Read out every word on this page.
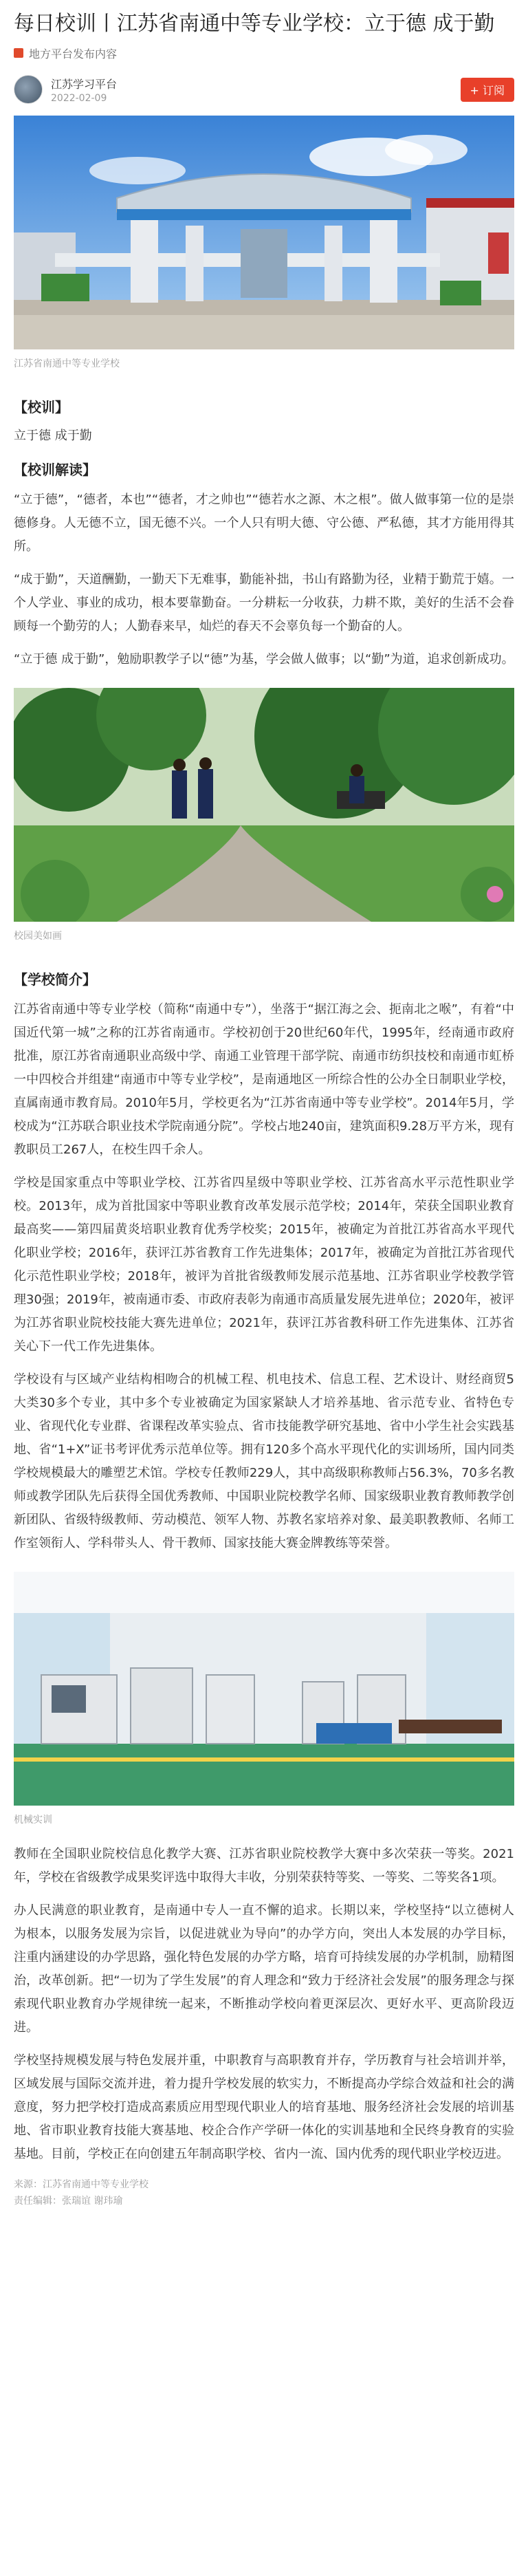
每日校训丨江苏省南通中等专业学校：立于德 成于勤
地方平台发布内容
江苏学习平台
2022-02-09
+ 订阅

江苏省南通中等专业学校

【校训】

立于德 成于勤

【校训解读】

“立于德”，“德者，本也”“德者，才之帅也”“德若水之源、木之根”。做人做事第一位的是崇德修身。人无德不立，国无德不兴。一个人只有明大德、守公德、严私德，其才方能用得其所。

“成于勤”，天道酬勤，一勤天下无难事，勤能补拙，书山有路勤为径，业精于勤荒于嬉。一个人学业、事业的成功，根本要靠勤奋。一分耕耘一分收获，力耕不欺，美好的生活不会眷顾每一个勤劳的人；人勤春来早，灿烂的春天不会辜负每一个勤奋的人。

“立于德 成于勤”，勉励职教学子以“德”为基，学会做人做事；以“勤”为道，追求创新成功。

校园美如画

【学校简介】

江苏省南通中等专业学校（简称“南通中专”），坐落于“据江海之会、扼南北之喉”，有着“中国近代第一城”之称的江苏省南通市。学校初创于20世纪60年代，1995年，经南通市政府批准，原江苏省南通职业高级中学、南通工业管理干部学院、南通市纺织技校和南通市虹桥一中四校合并组建“南通市中等专业学校”，是南通地区一所综合性的公办全日制职业学校，直属南通市教育局。2010年5月，学校更名为“江苏省南通中等专业学校”。2014年5月，学校成为“江苏联合职业技术学院南通分院”。学校占地240亩，建筑面积9.28万平方米，现有教职员工267人，在校生四千余人。

学校是国家重点中等职业学校、江苏省四星级中等职业学校、江苏省高水平示范性职业学校。2013年，成为首批国家中等职业教育改革发展示范学校；2014年，荣获全国职业教育最高奖——第四届黄炎培职业教育优秀学校奖；2015年，被确定为首批江苏省高水平现代化职业学校；2016年，获评江苏省教育工作先进集体；2017年，被确定为首批江苏省现代化示范性职业学校；2018年，被评为首批省级教师发展示范基地、江苏省职业学校教学管理30强；2019年，被南通市委、市政府表彰为南通市高质量发展先进单位；2020年，被评为江苏省职业院校技能大赛先进单位；2021年，获评江苏省教科研工作先进集体、江苏省关心下一代工作先进集体。

学校设有与区域产业结构相吻合的机械工程、机电技术、信息工程、艺术设计、财经商贸5大类30多个专业，其中多个专业被确定为国家紧缺人才培养基地、省示范专业、省特色专业、省现代化专业群、省课程改革实验点、省市技能教学研究基地、省中小学生社会实践基地、省“1+X”证书考评优秀示范单位等。拥有120多个高水平现代化的实训场所，国内同类学校规模最大的雕塑艺术馆。学校专任教师229人，其中高级职称教师占56.3%，70多名教师或教学团队先后获得全国优秀教师、中国职业院校教学名师、国家级职业教育教师教学创新团队、省级特级教师、劳动模范、领军人物、苏教名家培养对象、最美职教教师、名师工作室领衔人、学科带头人、骨干教师、国家技能大赛金牌教练等荣誉。

机械实训

教师在全国职业院校信息化教学大赛、江苏省职业院校教学大赛中多次荣获一等奖。2021年，学校在省级教学成果奖评选中取得大丰收，分别荣获特等奖、一等奖、二等奖各1项。

办人民满意的职业教育，是南通中专人一直不懈的追求。长期以来，学校坚持“以立德树人为根本，以服务发展为宗旨，以促进就业为导向”的办学方向，突出人本发展的办学目标，注重内涵建设的办学思路，强化特色发展的办学方略，培育可持续发展的办学机制，励精图治，改革创新。把“一切为了学生发展”的育人理念和“致力于经济社会发展”的服务理念与探索现代职业教育办学规律统一起来，不断推动学校向着更深层次、更好水平、更高阶段迈进。

学校坚持规模发展与特色发展并重，中职教育与高职教育并存，学历教育与社会培训并举，区域发展与国际交流并进，着力提升学校发展的软实力，不断提高办学综合效益和社会的满意度，努力把学校打造成高素质应用型现代职业人的培育基地、服务经济社会发展的培训基地、省市职业教育技能大赛基地、校企合作产学研一体化的实训基地和全民终身教育的实验基地。目前，学校正在向创建五年制高职学校、省内一流、国内优秀的现代职业学校迈进。

来源：江苏省南通中等专业学校

责任编辑：张瑞谊 谢玮瑜
